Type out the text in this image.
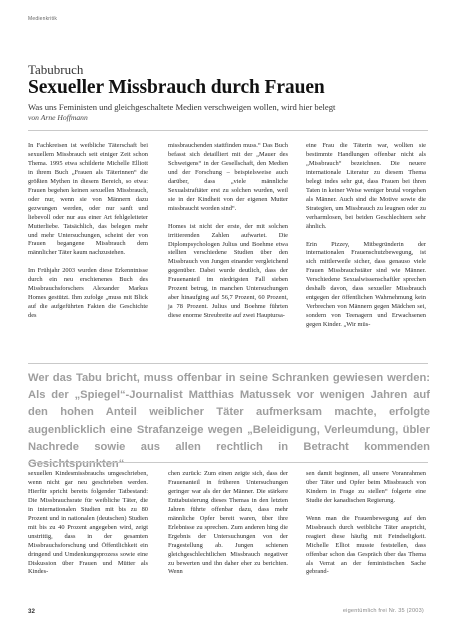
Medienkritik
Tabubruch
Sexueller Missbrauch durch Frauen
Was uns Feministen und gleichgeschaltete Medien verschweigen wollen, wird hier belegt
von Arne Hoffmann

In Fachkreisen ist weibliche Täterschaft bei sexuellem Missbrauch seit einiger Zeit schon Thema. 1995 etwa schilderte Michelle Elliott in ihrem Buch „Frauen als Täterinnen“ die größten Mythen in diesem Bereich, so etwa: Frauen begehen keinen sexuellen Missbrauch, oder nur, wenn sie von Männern dazu gezwungen werden, oder nur sanft und liebevoll oder nur aus einer Art fehlgeleiteter Mutterliebe. Tatsächlich, das belegen mehr und mehr Untersuchungen, scheint der von Frauen begangene Missbrauch dem männlicher Täter kaum nachzustehen.

Im Frühjahr 2003 wurden diese Erkenntnisse durch ein neu erschienenes Buch des Missbrauchsforschers Alexander Markus Homes gestützt. Ihm zufolge „muss mit Blick auf die aufgeführten Fakten die Geschichte des

missbrauchenden stattfinden muss.“ Das Buch befasst sich detailliert mit der „Mauer des Schweigens“ in der Gesellschaft, den Medien und der Forschung – beispielsweise auch darüber, dass „viele männliche Sexualstraftäter erst zu solchen wurden, weil sie in der Kindheit von der eigenen Mutter missbraucht worden sind“.

Homes ist nicht der erste, der mit solchen irritierenden Zahlen aufwartet. Die Diplompsychologen Julius und Boehme etwa stellten verschiedene Studien über den Missbrauch von Jungen einander vergleichend gegenüber. Dabei wurde deutlich, dass der Frauenanteil im niedrigsten Fall sieben Prozent betrug, in manchen Untersuchungen aber hinaufging auf 56,7 Prozent, 60 Prozent, ja 78 Prozent. Julius und Boehme führten diese enorme Streubreite auf zwei Hauptursa-

eine Frau die Täterin war, wollten sie bestimmte Handlungen offenbar nicht als „Missbrauch“ bezeichnen. Die neuere internationale Literatur zu diesem Thema belegt indes sehr gut, dass Frauen bei ihren Taten in keiner Weise weniger brutal vorgehen als Männer. Auch sind die Motive sowie die Strategien, um Missbrauch zu leugnen oder zu verharmlosen, bei beiden Geschlechtern sehr ähnlich.

Erin Pizzey, Mitbegründerin der internationalen Frauenschutzbewegung, ist sich mittlerweile sicher, dass genauso viele Frauen Missbrauchstäter sind wie Männer. Verschiedene Sexualwissenschaftler sprechen deshalb davon, dass sexueller Missbrauch entgegen der öffentlichen Wahrnehmung kein Verbrechen von Männern gegen Mädchen sei, sondern von Teenagern und Erwachsenen gegen Kinder. „Wir müs-

Wer das Tabu bricht, muss offenbar in seine Schranken gewiesen werden: Als der „Spiegel“-Journalist Matthias Matussek vor wenigen Jahren auf den hohen Anteil weiblicher Täter aufmerksam machte, erfolgte augenblicklich eine Strafanzeige wegen „Beleidigung, Verleumdung, übler Nachrede sowie aus allen rechtlich in Betracht kommenden Gesichtspunkten“

sexuellen Kindesmissbrauchs umgeschrieben, wenn nicht gar neu geschrieben werden. Hierfür spricht bereits folgender Tatbestand: Die Missbrauchsrate für weibliche Täter, die in internationalen Studien mit bis zu 80 Prozent und in nationalen (deutschen) Studien mit bis zu 40 Prozent angegeben wird, zeigt unstrittig, dass in der gesamten Missbrauchsforschung und Öffentlichkeit ein dringend und Umdenkungsprozess sowie eine Diskussion über Frauen und Mütter als Kindes-

chen zurück: Zum einen zeigte sich, dass der Frauenanteil in früheren Untersuchungen geringer war als der der Männer. Die stärkere Enttabuisierung dieses Themas in den letzten Jahren führte offenbar dazu, dass mehr männliche Opfer bereit waren, über ihre Erlebnisse zu sprechen. Zum anderen hing die Ergebnis der Untersuchungen von der Fragestellung ab. Jungen schienen gleichgeschlechtlichen Missbrauch negativer zu bewerten und ihn daher eher zu berichten. Wenn

sen damit beginnen, all unsere Voranrahmen über Täter und Opfer beim Missbrauch von Kindern in Frage zu stellen“ folgerte eine Studie der kanadischen Regierung.

Wenn man die Frauenbewegung auf den Missbrauch durch weibliche Täter anspricht, reagiert diese häufig mit Feindseligkeit. Michelle Elliot musste feststellen, dass offenbar schon das Gespräch über das Thema als Verrat an der feministischen Sache gebrand-

32	eigentümlich frei Nr. 35 (2003)
